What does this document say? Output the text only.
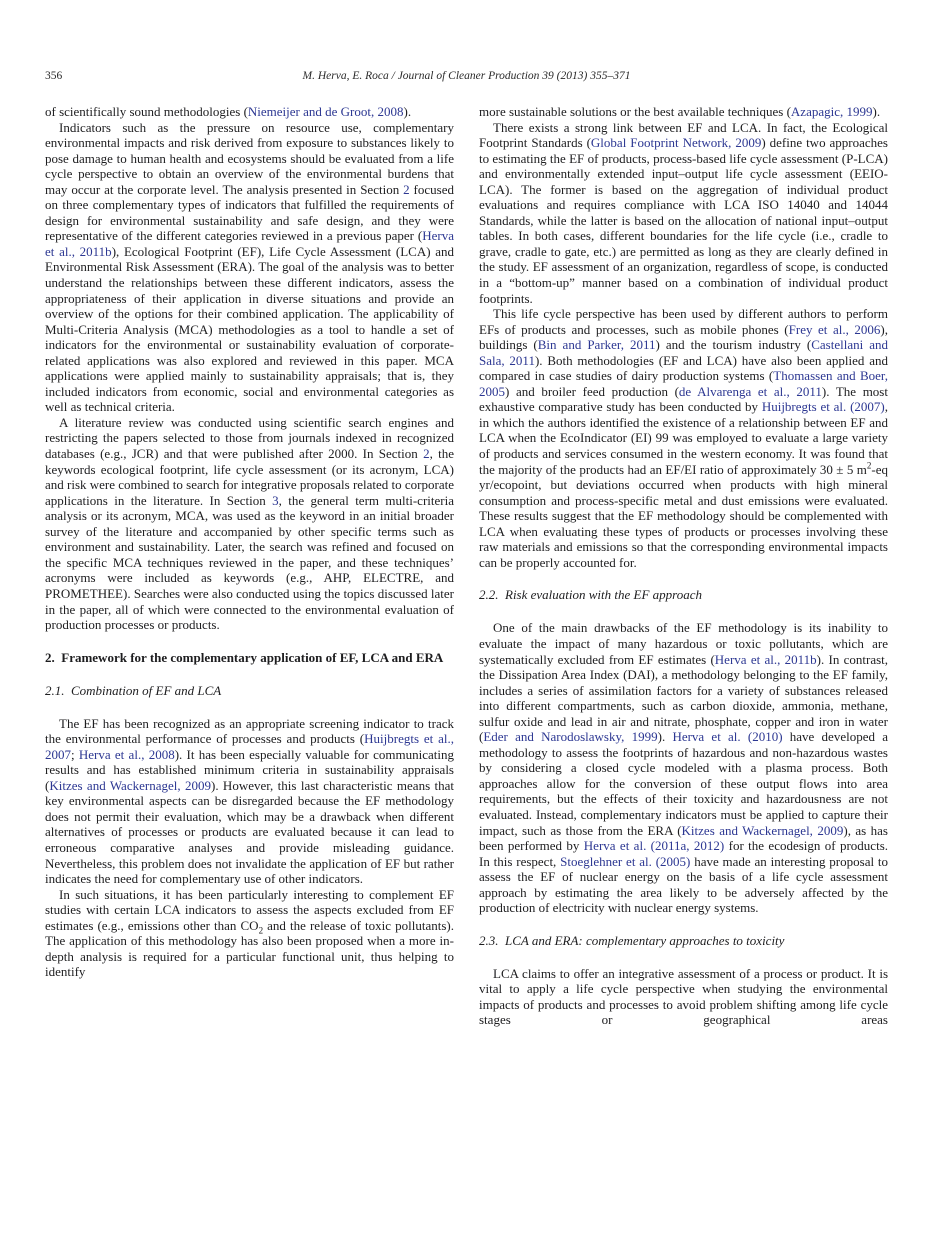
356	M. Herva, E. Roca / Journal of Cleaner Production 39 (2013) 355–371

of scientifically sound methodologies (Niemeijer and de Groot, 2008).

Indicators such as the pressure on resource use, complementary environmental impacts and risk derived from exposure to substances likely to pose damage to human health and ecosystems should be evaluated from a life cycle perspective to obtain an overview of the environmental burdens that may occur at the corporate level. The analysis presented in Section 2 focused on three complementary types of indicators that fulfilled the requirements of design for environmental sustainability and safe design, and they were representative of the different categories reviewed in a previous paper (Herva et al., 2011b), Ecological Footprint (EF), Life Cycle Assessment (LCA) and Environmental Risk Assessment (ERA). The goal of the analysis was to better understand the relationships between these different indicators, assess the appropriateness of their application in diverse situations and provide an overview of the options for their combined application. The applicability of Multi-Criteria Analysis (MCA) methodologies as a tool to handle a set of indicators for the environmental or sustainability evaluation of corporate-related applications was also explored and reviewed in this paper. MCA applications were applied mainly to sustainability appraisals; that is, they included indicators from economic, social and environmental categories as well as technical criteria.

A literature review was conducted using scientific search engines and restricting the papers selected to those from journals indexed in recognized databases (e.g., JCR) and that were published after 2000. In Section 2, the keywords ecological footprint, life cycle assessment (or its acronym, LCA) and risk were combined to search for integrative proposals related to corporate applications in the literature. In Section 3, the general term multi-criteria analysis or its acronym, MCA, was used as the keyword in an initial broader survey of the literature and accompanied by other specific terms such as environment and sustainability. Later, the search was refined and focused on the specific MCA techniques reviewed in the paper, and these techniques’ acronyms were included as keywords (e.g., AHP, ELECTRE, and PROMETHEE). Searches were also conducted using the topics discussed later in the paper, all of which were connected to the environmental evaluation of production processes or products.

2. Framework for the complementary application of EF, LCA and ERA
2.1. Combination of EF and LCA

The EF has been recognized as an appropriate screening indicator to track the environmental performance of processes and products (Huijbregts et al., 2007; Herva et al., 2008). It has been especially valuable for communicating results and has established minimum criteria in sustainability appraisals (Kitzes and Wackernagel, 2009). However, this last characteristic means that key environmental aspects can be disregarded because the EF methodology does not permit their evaluation, which may be a drawback when different alternatives of processes or products are evaluated because it can lead to erroneous comparative analyses and provide misleading guidance. Nevertheless, this problem does not invalidate the application of EF but rather indicates the need for complementary use of other indicators.

In such situations, it has been particularly interesting to complement EF studies with certain LCA indicators to assess the aspects excluded from EF estimates (e.g., emissions other than $CO_2$ and the release of toxic pollutants). The application of this methodology has also been proposed when a more in-depth analysis is required for a particular functional unit, thus helping to identify

more sustainable solutions or the best available techniques (Azapagic, 1999).

There exists a strong link between EF and LCA. In fact, the Ecological Footprint Standards (Global Footprint Network, 2009) define two approaches to estimating the EF of products, process-based life cycle assessment (P-LCA) and environmentally extended input–output life cycle assessment (EEIO-LCA). The former is based on the aggregation of individual product evaluations and requires compliance with LCA ISO 14040 and 14044 Standards, while the latter is based on the allocation of national input–output tables. In both cases, different boundaries for the life cycle (i.e., cradle to grave, cradle to gate, etc.) are permitted as long as they are clearly defined in the study. EF assessment of an organization, regardless of scope, is conducted in a “bottom-up” manner based on a combination of individual product footprints.

This life cycle perspective has been used by different authors to perform EFs of products and processes, such as mobile phones (Frey et al., 2006), buildings (Bin and Parker, 2011) and the tourism industry (Castellani and Sala, 2011). Both methodologies (EF and LCA) have also been applied and compared in case studies of dairy production systems (Thomassen and Boer, 2005) and broiler feed production (de Alvarenga et al., 2011). The most exhaustive comparative study has been conducted by Huijbregts et al. (2007), in which the authors identified the existence of a relationship between EF and LCA when the EcoIndicator (EI) 99 was employed to evaluate a large variety of products and services consumed in the western economy. It was found that the majority of the products had an EF/EI ratio of approximately 30 ± 5 $m^2-eq$ yr/ecopoint, but deviations occurred when products with high mineral consumption and process-specific metal and dust emissions were evaluated. These results suggest that the EF methodology should be complemented with LCA when evaluating these types of products or processes involving these raw materials and emissions so that the corresponding environmental impacts can be properly accounted for.

2.2. Risk evaluation with the EF approach

One of the main drawbacks of the EF methodology is its inability to evaluate the impact of many hazardous or toxic pollutants, which are systematically excluded from EF estimates (Herva et al., 2011b). In contrast, the Dissipation Area Index (DAI), a methodology belonging to the EF family, includes a series of assimilation factors for a variety of substances released into different compartments, such as carbon dioxide, ammonia, methane, sulfur oxide and lead in air and nitrate, phosphate, copper and iron in water (Eder and Narodoslawsky, 1999). Herva et al. (2010) have developed a methodology to assess the footprints of hazardous and non-hazardous wastes by considering a closed cycle modeled with a plasma process. Both approaches allow for the conversion of these output flows into area requirements, but the effects of their toxicity and hazardousness are not evaluated. Instead, complementary indicators must be applied to capture their impact, such as those from the ERA (Kitzes and Wackernagel, 2009), as has been performed by Herva et al. (2011a, 2012) for the ecodesign of products. In this respect, Stoeglehner et al. (2005) have made an interesting proposal to assess the EF of nuclear energy on the basis of a life cycle assessment approach by estimating the area likely to be adversely affected by the production of electricity with nuclear energy systems.

2.3. LCA and ERA: complementary approaches to toxicity

LCA claims to offer an integrative assessment of a process or product. It is vital to apply a life cycle perspective when studying the environmental impacts of products and processes to avoid problem shifting among life cycle stages or geographical areas
